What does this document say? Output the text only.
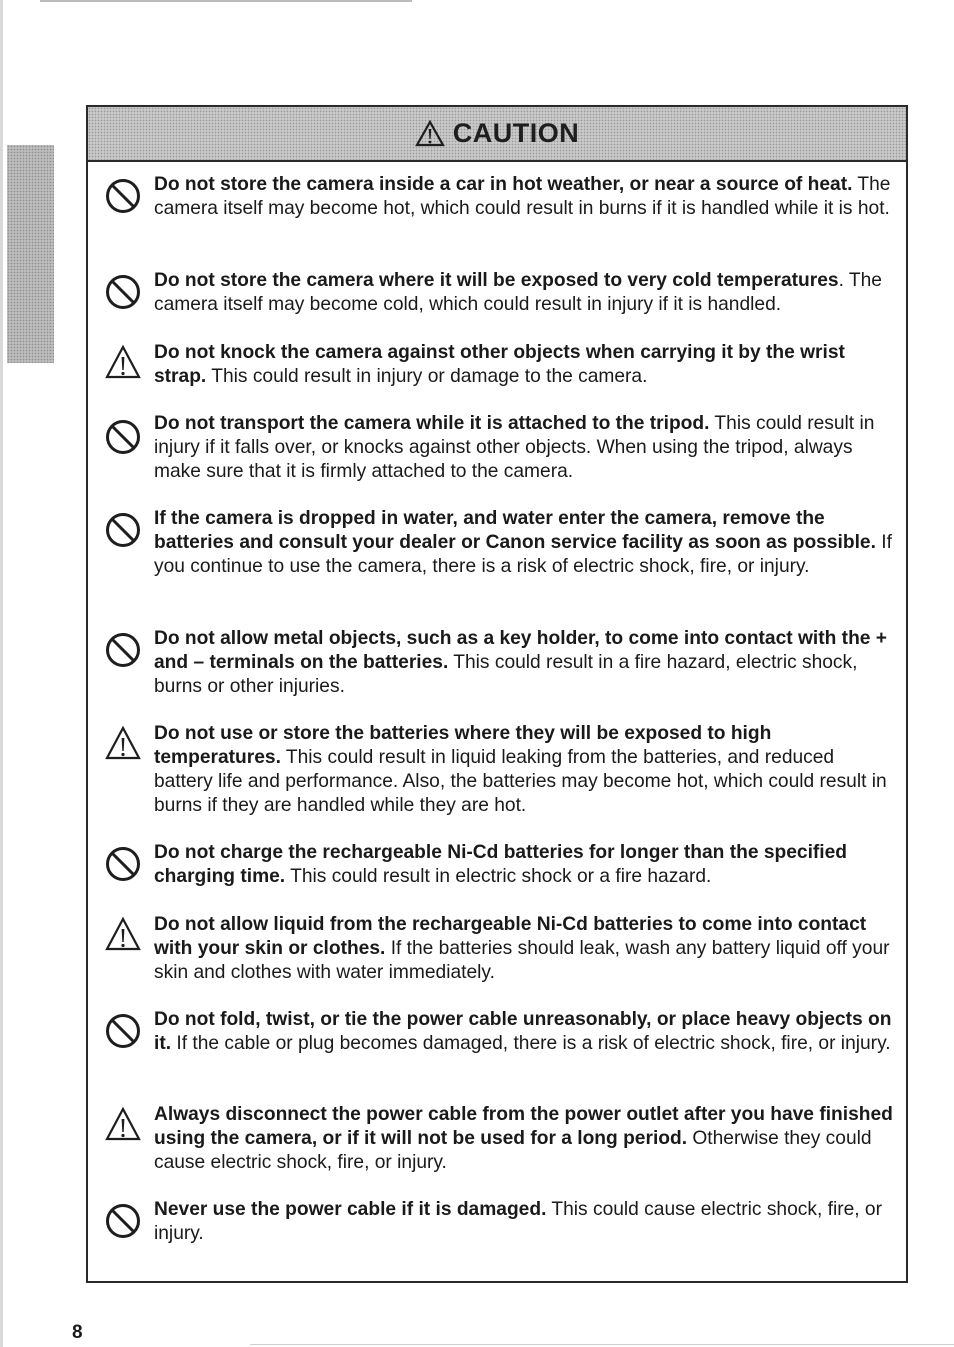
CAUTION

Do not store the camera inside a car in hot weather, or near a source of heat. The camera itself may become hot, which could result in burns if it is handled while it is hot.

Do not store the camera where it will be exposed to very cold temperatures. The camera itself may become cold, which could result in injury if it is handled.

Do not knock the camera against other objects when carrying it by the wrist strap. This could result in injury or damage to the camera.

Do not transport the camera while it is attached to the tripod. This could result in injury if it falls over, or knocks against other objects. When using the tripod, always make sure that it is firmly attached to the camera.

If the camera is dropped in water, and water enter the camera, remove the batteries and consult your dealer or Canon service facility as soon as possible. If you continue to use the camera, there is a risk of electric shock, fire, or injury.

Do not allow metal objects, such as a key holder, to come into contact with the + and – terminals on the batteries. This could result in a fire hazard, electric shock, burns or other injuries.

Do not use or store the batteries where they will be exposed to high temperatures. This could result in liquid leaking from the batteries, and reduced battery life and performance. Also, the batteries may become hot, which could result in burns if they are handled while they are hot.

Do not charge the rechargeable Ni-Cd batteries for longer than the specified charging time. This could result in electric shock or a fire hazard.

Do not allow liquid from the rechargeable Ni-Cd batteries to come into contact with your skin or clothes. If the batteries should leak, wash any battery liquid off your skin and clothes with water immediately.

Do not fold, twist, or tie the power cable unreasonably, or place heavy objects on it. If the cable or plug becomes damaged, there is a risk of electric shock, fire, or injury.

Always disconnect the power cable from the power outlet after you have finished using the camera, or if it will not be used for a long period. Otherwise they could cause electric shock, fire, or injury.

Never use the power cable if it is damaged. This could cause electric shock, fire, or injury.

8
